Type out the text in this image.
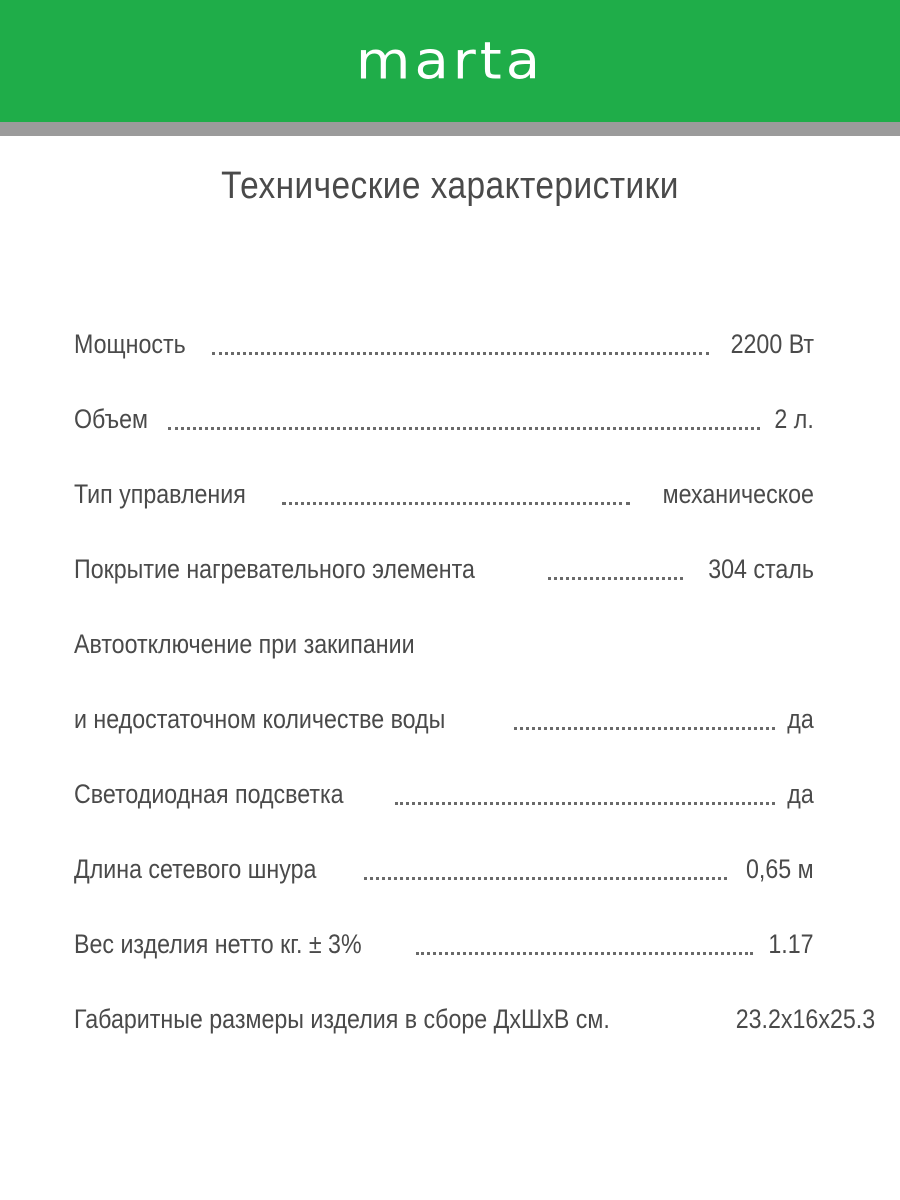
marta
Технические характеристики
Мощность	2200 Вт
Объем	2 л.
Тип управления	механическое
Покрытие нагревательного элемента	304 сталь
Автоотключение при закипании
и недостаточном количестве воды	да
Светодиодная подсветка	да
Длина сетевого шнура	0,65 м
Вес изделия нетто кг. ± 3%	1.17
Габаритные размеры изделия в сборе ДхШхВ см.	23.2х16х25.3
